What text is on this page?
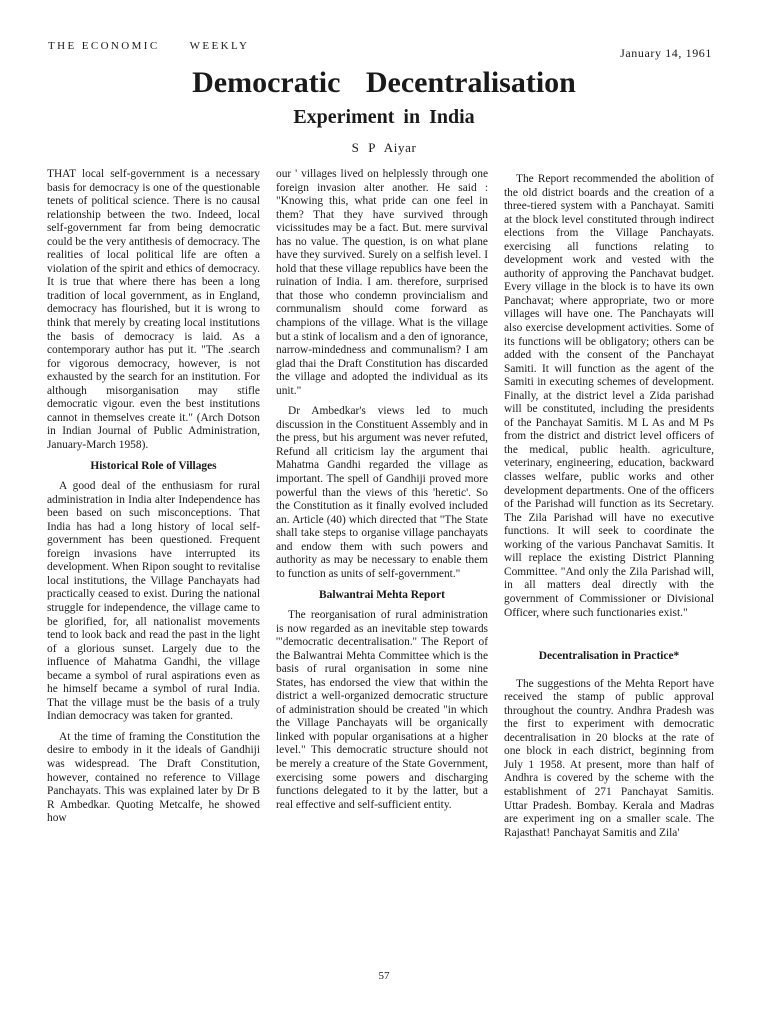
THE ECONOMIC	WEEKLY	January 14, 1961
Democratic Decentralisation
Experiment in India
S P Aiyar

THAT local self-government is a necessary basis for democracy is one of the questionable tenets of political science. There is no causal relationship between the two. Indeed, local self-government far from being democratic could be the very antithesis of democracy. The realities of local political life are often a violation of the spirit and ethics of democracy. It is true that where there has been a long tradition of local government, as in England, democracy has flourished, but it is wrong to think that merely by creating local institutions the basis of democracy is laid. As a contemporary author has put it. "The .search for vigorous democracy, however, is not exhausted by the search for an institution. For although misorganisation may stifle democratic vigour. even the best institutions cannot in themselves create it." (Arch Dotson in Indian Journal of Public Administration, January-March 1958).

Historical Role of Villages

A good deal of the enthusiasm for rural administration in India alter Independence has been based on such misconceptions. That India has had a long history of local self-government has been questioned. Frequent foreign invasions have interrupted its development. When Ripon sought to revitalise local institutions, the Village Panchayats had practically ceased to exist. During the national struggle for independence, the village came to be glorified, for, all nationalist movements tend to look back and read the past in the light of a glorious sunset. Largely due to the influence of Mahatma Gandhi, the village became a symbol of rural aspirations even as he himself became a symbol of rural India. That the village must be the basis of a truly Indian democracy was taken for granted.

At the time of framing the Constitution the desire to embody in it the ideals of Gandhiji was widespread. The Draft Constitution, however, contained no reference to Village Panchayats. This was explained later by Dr B R Ambedkar. Quoting Metcalfe, he showed how

our ' villages lived on helplessly through one foreign invasion alter another. He said : "Knowing this, what pride can one feel in them? That they have survived through vicissitudes may be a fact. But. mere survival has no value. The question, is on what plane have they survived. Surely on a selfish level. I hold that these village republics have been the ruination of India. I am. therefore, surprised that those who condemn provincialism and cornmunalism should come forward as champions of the village. What is the village but a stink of localism and a den of ignorance, narrow-mindedness and communalism? I am glad thai the Draft Constitution has discarded the village and adopted the individual as its unit."

Dr Ambedkar's views led to much discussion in the Constituent Assembly and in the press, but his argument was never refuted, Refund all criticism lay the argument thai Mahatma Gandhi regarded the village as important. The spell of Gandhiji proved more powerful than the views of this 'heretic'. So the Constitution as it finally evolved included an. Article (40) which directed that "The State shall take steps to organise village panchayats and endow them with such powers and authority as may be necessary to enable them to function as units of self-government."

Balwantrai Mehta Report

The reorganisation of rural administration is now regarded as an inevitable step towards '"democratic decentralisation.'' The Report of the Balwantrai Mehta Committee which is the basis of rural organisation in some nine States, has endorsed the view that within the district a well-organized democratic structure of administration should be created "in which the Village Panchayats will be organically linked with popular organisations at a higher level." This democratic structure should not be merely a creature of the State Government, exercising some powers and discharging functions delegated to it by the latter, but a real effective and self-sufficient entity.

The Report recommended the abolition of the old district boards and the creation of a three-tiered system with a Panchayat. Samiti at the block level constituted through indirect elections from the Village Panchayats. exercising all functions relating to development work and vested with the authority of approving the Panchavat budget. Every village in the block is to have its own Panchavat; where appropriate, two or more villages will have one. The Panchayats will also exercise development activities. Some of its functions will be obligatory; others can be added with the consent of the Panchayat Samiti. It will function as the agent of the Samiti in executing schemes of development. Finally, at the district level a Zida parishad will be constituted, including the presidents of the Panchayat Samitis. M L As and M Ps from the district and district level officers of the medical, public health. agriculture, veterinary, engineering, education, backward classes welfare, public works and other development departments. One of the officers of the Parishad will function as its Secretary. The Zila Parishad will have no executive functions. It will seek to coordinate the working of the various Panchavat Samitis. It will replace the existing District Planning Committee. "And only the Zila Parishad will, in all matters deal directly with the government of Commissioner or Divisional Officer, where such functionaries exist."

Decentralisation in Practice*

The suggestions of the Mehta Report have received the stamp of public approval throughout the country. Andhra Pradesh was the first to experiment with democratic decentralisation in 20 blocks at the rate of one block in each district, beginning from July 1 1958. At present, more than half of Andhra is covered by the scheme with the establishment of 271 Panchayat Samitis. Uttar Pradesh. Bombay. Kerala and Madras are experiment ing on a smaller scale. The Rajasthat! Panchayat Samitis and Zila'

57
